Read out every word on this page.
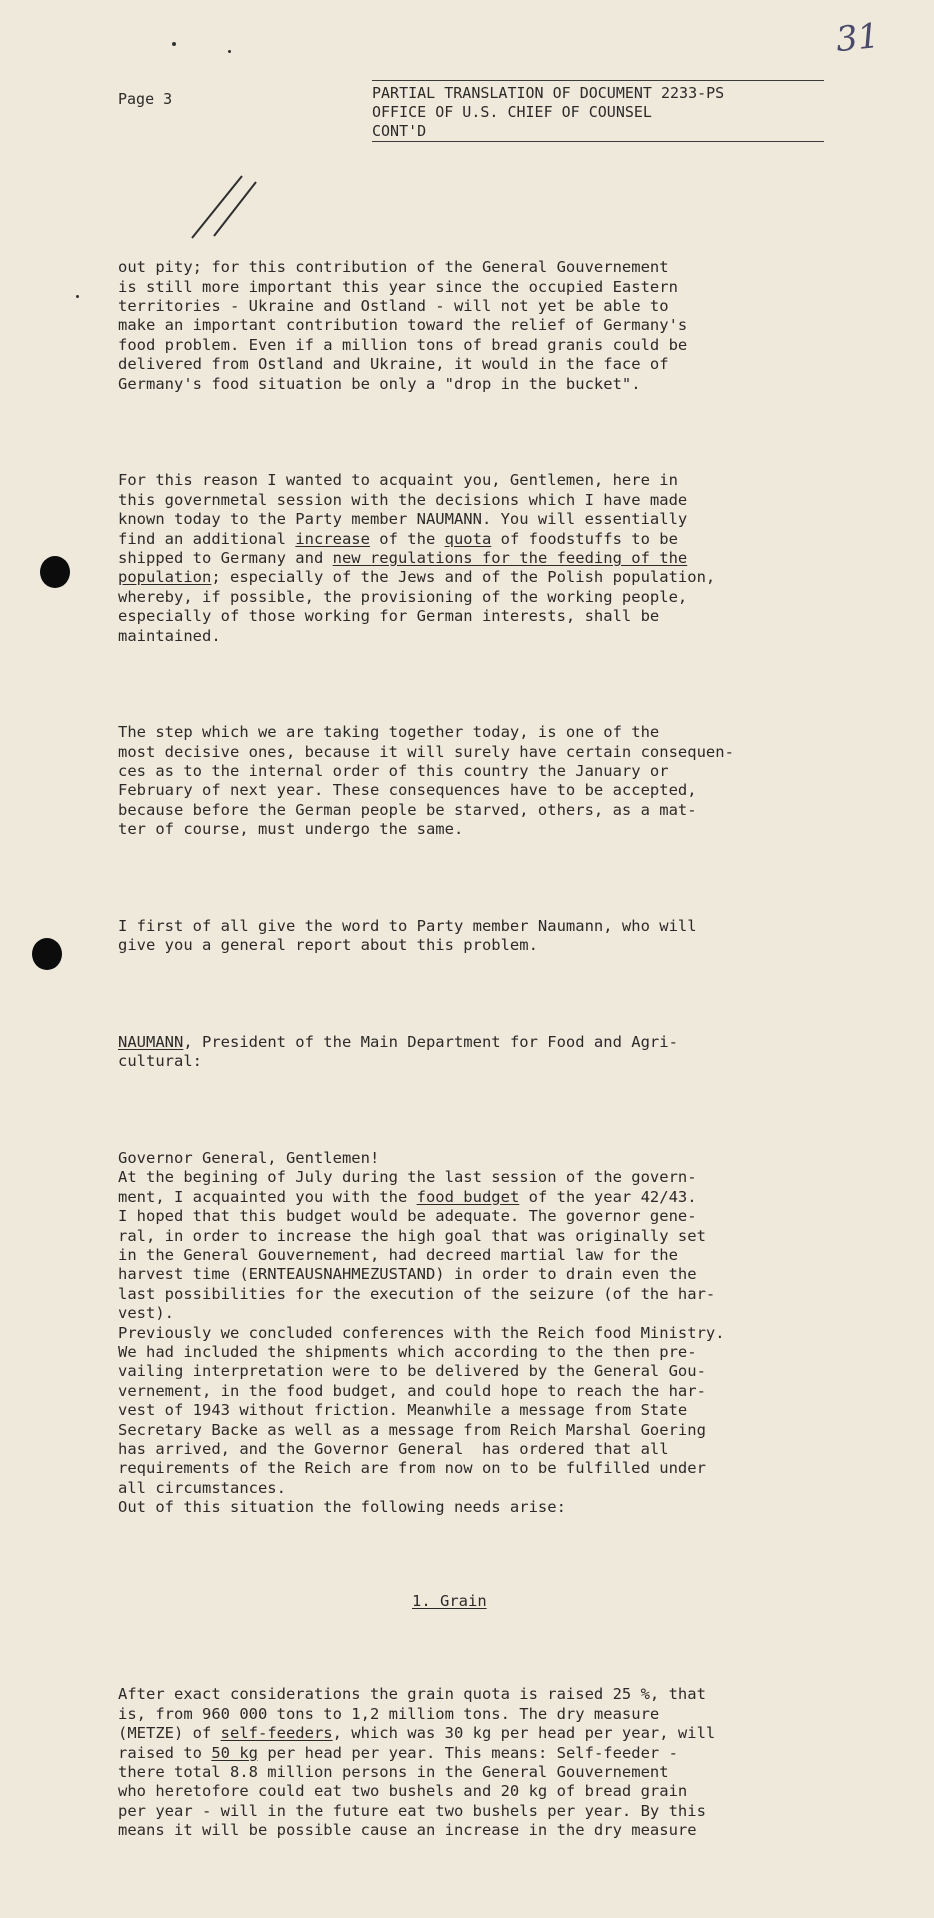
31
Page 3	PARTIAL TRANSLATION OF DOCUMENT 2233-PS
OFFICE OF U.S. CHIEF OF COUNSEL
CONT'D

out pity; for this contribution of the General Gouvernement
is still more important this year since the occupied Eastern
territories - Ukraine and Ostland - will not yet be able to
make an important contribution toward the relief of Germany's
food problem. Even if a million tons of bread granis could be
delivered from Ostland and Ukraine, it would in the face of
Germany's food situation be only a "drop in the bucket".

For this reason I wanted to acquaint you, Gentlemen, here in
this governmetal session with the decisions which I have made
known today to the Party member NAUMANN. You will essentially
find an additional increase of the quota of foodstuffs to be
shipped to Germany and new regulations for the feeding of the
population; especially of the Jews and of the Polish population,
whereby, if possible, the provisioning of the working people,
especially of those working for German interests, shall be
maintained.

The step which we are taking together today, is one of the
most decisive ones, because it will surely have certain consequen-
ces as to the internal order of this country the January or
February of next year. These consequences have to be accepted,
because before the German people be starved, others, as a mat-
ter of course, must undergo the same.

I first of all give the word to Party member Naumann, who will
give you a general report about this problem.

NAUMANN, President of the Main Department for Food and Agri-
cultural:

Governor General, Gentlemen!
At the begining of July during the last session of the govern-
ment, I acquainted you with the food budget of the year 42/43.
I hoped that this budget would be adequate. The governor gene-
ral, in order to increase the high goal that was originally set
in the General Gouvernement, had decreed martial law for the
harvest time (ERNTEAUSNAHMEZUSTAND) in order to drain even the
last possibilities for the execution of the seizure (of the har-
vest).
Previously we concluded conferences with the Reich food Ministry.
We had included the shipments which according to the then pre-
vailing interpretation were to be delivered by the General Gou-
vernement, in the food budget, and could hope to reach the har-
vest of 1943 without friction. Meanwhile a message from State
Secretary Backe as well as a message from Reich Marshal Goering
has arrived, and the Governor General  has ordered that all
requirements of the Reich are from now on to be fulfilled under
all circumstances.
Out of this situation the following needs arise:

1. Grain

After exact considerations the grain quota is raised 25 %, that
is, from 960 000 tons to 1,2 milliom tons. The dry measure
(METZE) of self-feeders, which was 30 kg per head per year, will
raised to 50 kg per head per year. This means: Self-feeder -
there total 8.8 million persons in the General Gouvernement
who heretofore could eat two bushels and 20 kg of bread grain
per year - will in the future eat two bushels per year. By this
means it will be possible cause an increase in the dry measure
